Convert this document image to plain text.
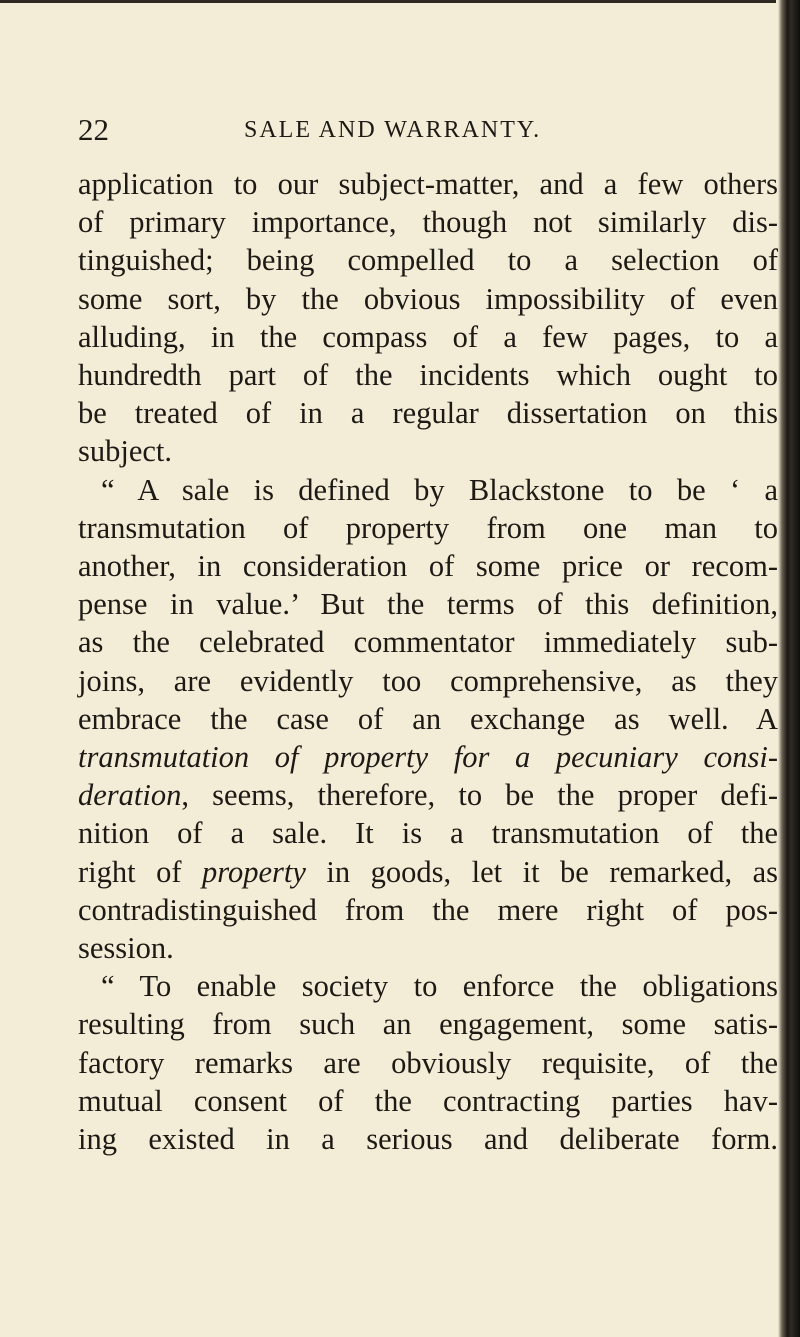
22	SALE AND WARRANTY.
application to our subject-matter, and a few others
of primary importance, though not similarly dis-
tinguished; being compelled to a selection of
some sort, by the obvious impossibility of even
alluding, in the compass of a few pages, to a
hundredth part of the incidents which ought to
be treated of in a regular dissertation on this
subject.
“ A sale is defined by Blackstone to be ‘ a
transmutation of property from one man to
another, in consideration of some price or recom-
pense in value.’ But the terms of this definition,
as the celebrated commentator immediately sub-
joins, are evidently too comprehensive, as they
embrace the case of an exchange as well. A
transmutation of property for a pecuniary consi-
deration, seems, therefore, to be the proper defi-
nition of a sale. It is a transmutation of the
right of property in goods, let it be remarked, as
contradistinguished from the mere right of pos-
session.
“ To enable society to enforce the obligations
resulting from such an engagement, some satis-
factory remarks are obviously requisite, of the
mutual consent of the contracting parties hav-
ing existed in a serious and deliberate form.
